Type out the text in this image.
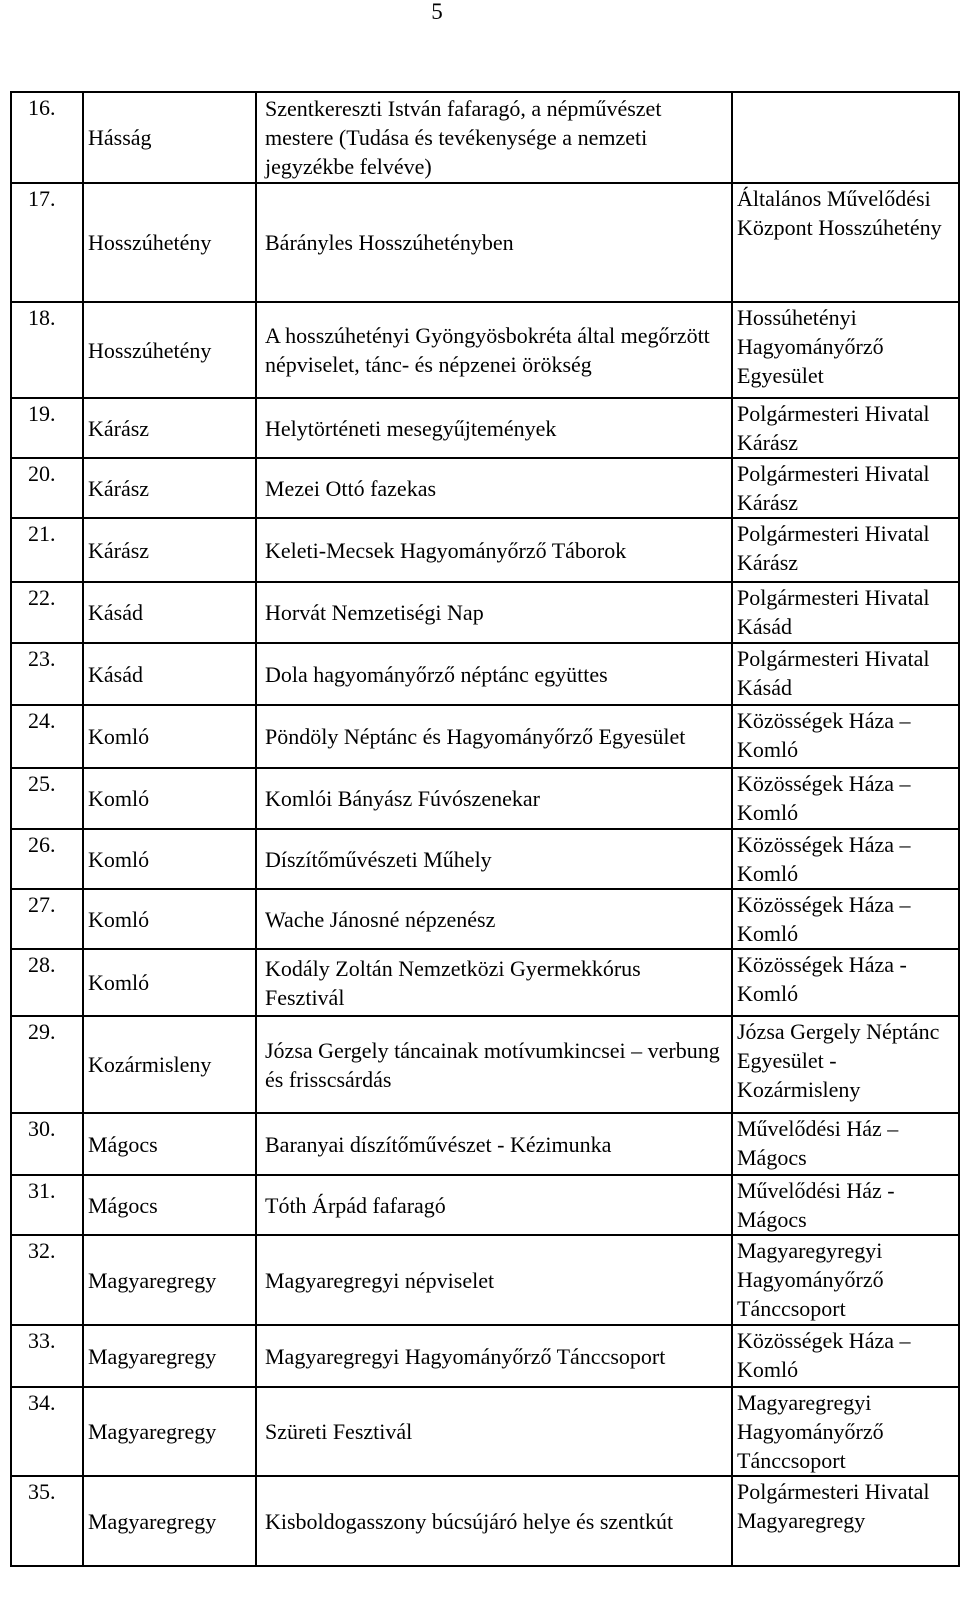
5
16.	Hásság	Szentkereszti István fafaragó, a népművészet mestere (Tudása és tevékenysége a nemzeti jegyzékbe felvéve)	
17.	Hosszúhetény	Bárányles Hosszúhetényben	Általános Művelődési Központ Hosszúhetény
18.	Hosszúhetény	A hosszúhetényi Gyöngyösbokréta által megőrzött népviselet, tánc- és népzenei örökség	Hossúhetényi Hagyományőrző Egyesület
19.	Kárász	Helytörténeti mesegyűjtemények	Polgármesteri Hivatal Kárász
20.	Kárász	Mezei Ottó fazekas	Polgármesteri Hivatal Kárász
21.	Kárász	Keleti-Mecsek Hagyományőrző Táborok	Polgármesteri Hivatal Kárász
22.	Kásád	Horvát Nemzetiségi Nap	Polgármesteri Hivatal Kásád
23.	Kásád	Dola hagyományőrző néptánc együttes	Polgármesteri Hivatal Kásád
24.	Komló	Pöndöly Néptánc és Hagyományőrző Egyesület	Közösségek Háza – Komló
25.	Komló	Komlói Bányász Fúvószenekar	Közösségek Háza – Komló
26.	Komló	Díszítőművészeti Műhely	Közösségek Háza – Komló
27.	Komló	Wache Jánosné népzenész	Közösségek Háza – Komló
28.	Komló	Kodály Zoltán Nemzetközi Gyermekkórus Fesztivál	Közösségek Háza - Komló
29.	Kozármisleny	Józsa Gergely táncainak motívumkincsei – verbung és frisscsárdás	Józsa Gergely Néptánc Egyesület - Kozármisleny
30.	Mágocs	Baranyai díszítőművészet - Kézimunka	Művelődési Ház – Mágocs
31.	Mágocs	Tóth Árpád fafaragó	Művelődési Ház - Mágocs
32.	Magyaregregy	Magyaregregyi népviselet	Magyaregyregyi Hagyományőrző Tánccsoport
33.	Magyaregregy	Magyaregregyi Hagyományőrző Tánccsoport	Közösségek Háza – Komló
34.	Magyaregregy	Szüreti Fesztivál	Magyaregregyi Hagyományőrző Tánccsoport
35.	Magyaregregy	Kisboldogasszony búcsújáró helye és szentkút	Polgármesteri Hivatal Magyaregregy
